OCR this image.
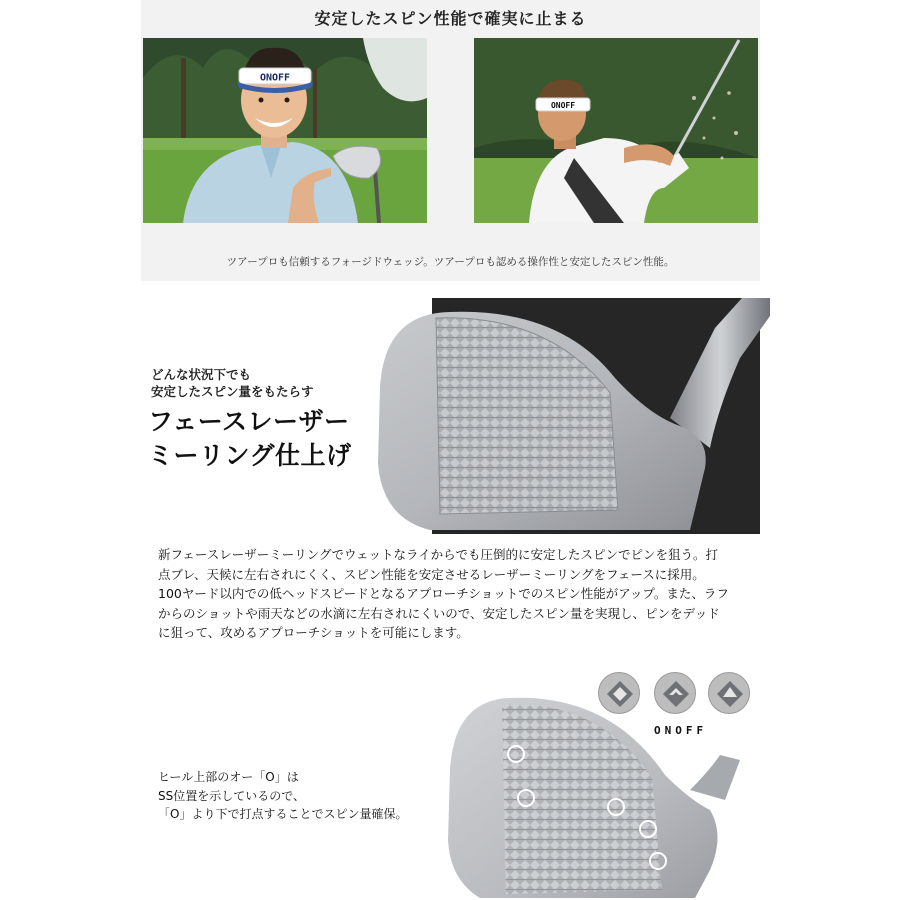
安定したスピン性能で確実に止まる
ONOFF
ONOFF
ツアープロも信頼するフォージドウェッジ。ツアープロも認める操作性と安定したスピン性能。
どんな状況下でも
安定したスピン量をもたらす
フェースレーザー
ミーリング仕上げ
新フェースレーザーミーリングでウェットなライからでも圧倒的に安定したスピンでピンを狙う。打
点ブレ、天候に左右されにくく、スピン性能を安定させるレーザーミーリングをフェースに採用。
100ヤード以内での低ヘッドスピードとなるアプローチショットでのスピン性能がアップ。また、ラフ
からのショットや雨天などの水滴に左右されにくいので、安定したスピン量を実現し、ピンをデッド
に狙って、攻めるアプローチショットを可能にします。
ONOFF
ヒール上部のオー「O」は
SS位置を示しているので、
「O」より下で打点することでスピン量確保。
